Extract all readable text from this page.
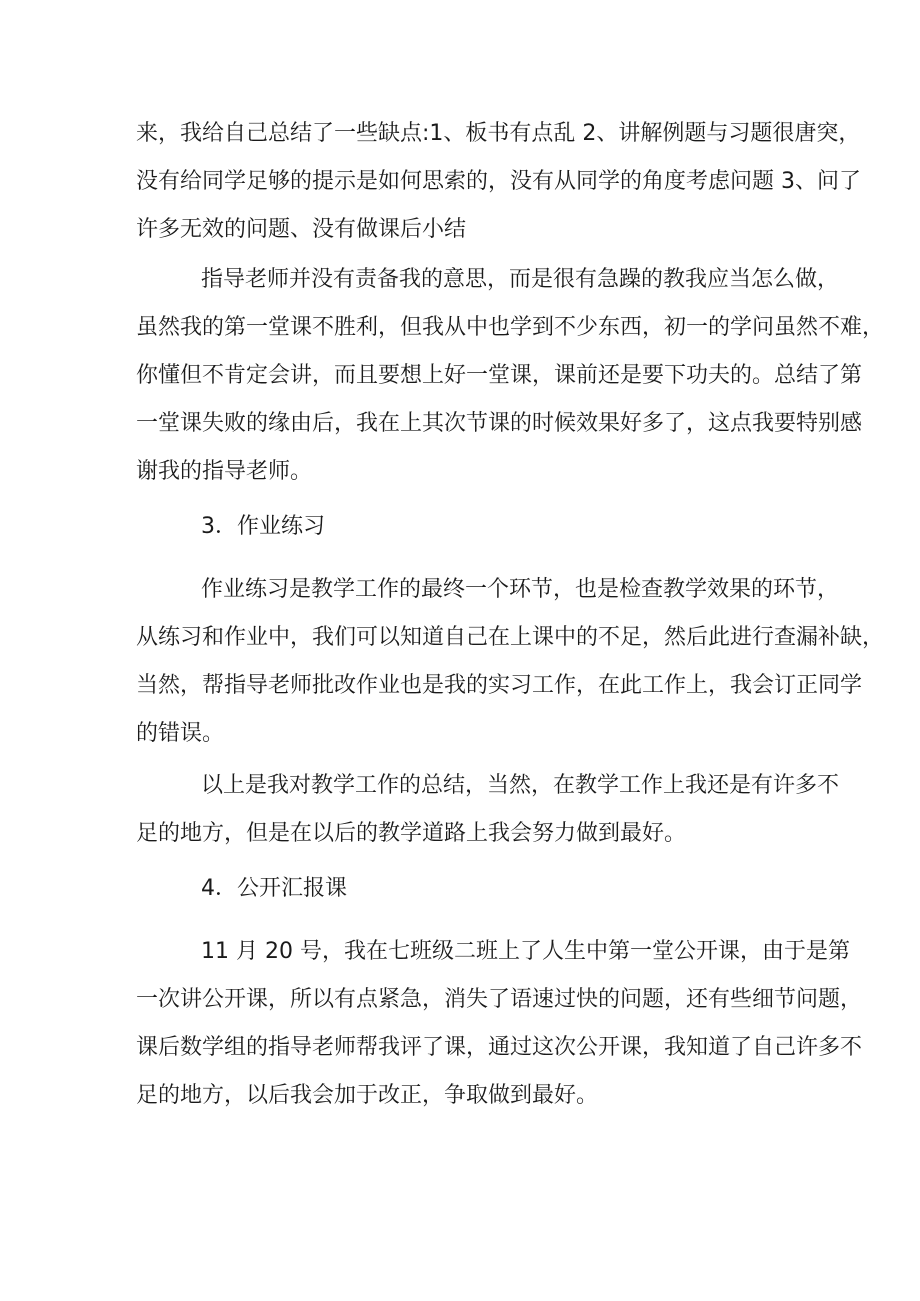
来，我给自己总结了一些缺点:1、板书有点乱 2、讲解例题与习题很唐突，
没有给同学足够的提示是如何思索的，没有从同学的角度考虑问题 3、问了
许多无效的问题、没有做课后小结
指导老师并没有责备我的意思，而是很有急躁的教我应当怎么做，
虽然我的第一堂课不胜利，但我从中也学到不少东西，初一的学问虽然不难，
你懂但不肯定会讲，而且要想上好一堂课，课前还是要下功夫的。总结了第
一堂课失败的缘由后，我在上其次节课的时候效果好多了，这点我要特别感
谢我的指导老师。
3．作业练习
作业练习是教学工作的最终一个环节，也是检查教学效果的环节，
从练习和作业中，我们可以知道自己在上课中的不足，然后此进行查漏补缺，
当然，帮指导老师批改作业也是我的实习工作，在此工作上，我会订正同学
的错误。
以上是我对教学工作的总结，当然，在教学工作上我还是有许多不
足的地方，但是在以后的教学道路上我会努力做到最好。
4．公开汇报课
11 月 20 号，我在七班级二班上了人生中第一堂公开课，由于是第
一次讲公开课，所以有点紧急，消失了语速过快的问题，还有些细节问题，
课后数学组的指导老师帮我评了课，通过这次公开课，我知道了自己许多不
足的地方，以后我会加于改正，争取做到最好。
